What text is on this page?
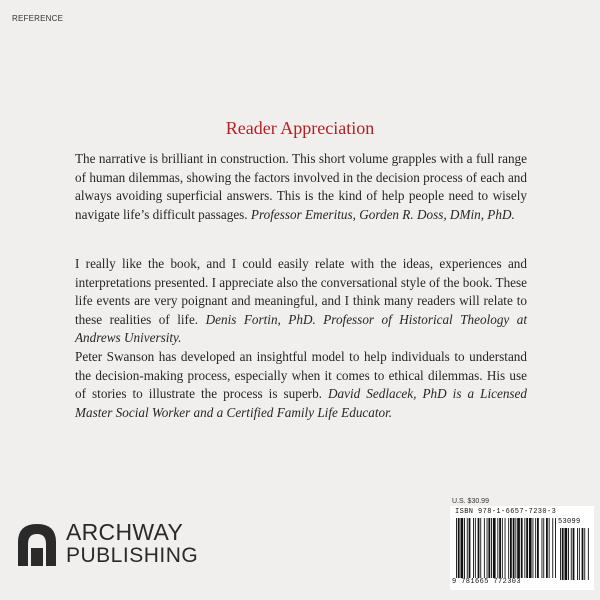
REFERENCE
Reader Appreciation

The narrative is brilliant in construction. This short volume grapples with a full range of human dilemmas, showing the factors involved in the decision process of each and always avoiding superficial answers. This is the kind of help people need to wisely navigate life’s difficult passages. Professor Emeritus, Gorden R. Doss, DMin, PhD.

I really like the book, and I could easily relate with the ideas, experiences and interpretations presented. I appreciate also the conversational style of the book. These life events are very poignant and meaningful, and I think many readers will relate to these realities of life. Denis Fortin, PhD. Professor of Historical Theology at Andrews University.

Peter Swanson has developed an insightful model to help individuals to understand the decision-making process, especially when it comes to ethical dilemmas. His use of stories to illustrate the process is superb. David Sedlacek, PhD is a Licensed Master Social Worker and a Certified Family Life Educator.

ARCHWAY
PUBLISHING
U.S. $30.99
ISBN 978-1-6657-7230-3
53099
9 781665 772303
